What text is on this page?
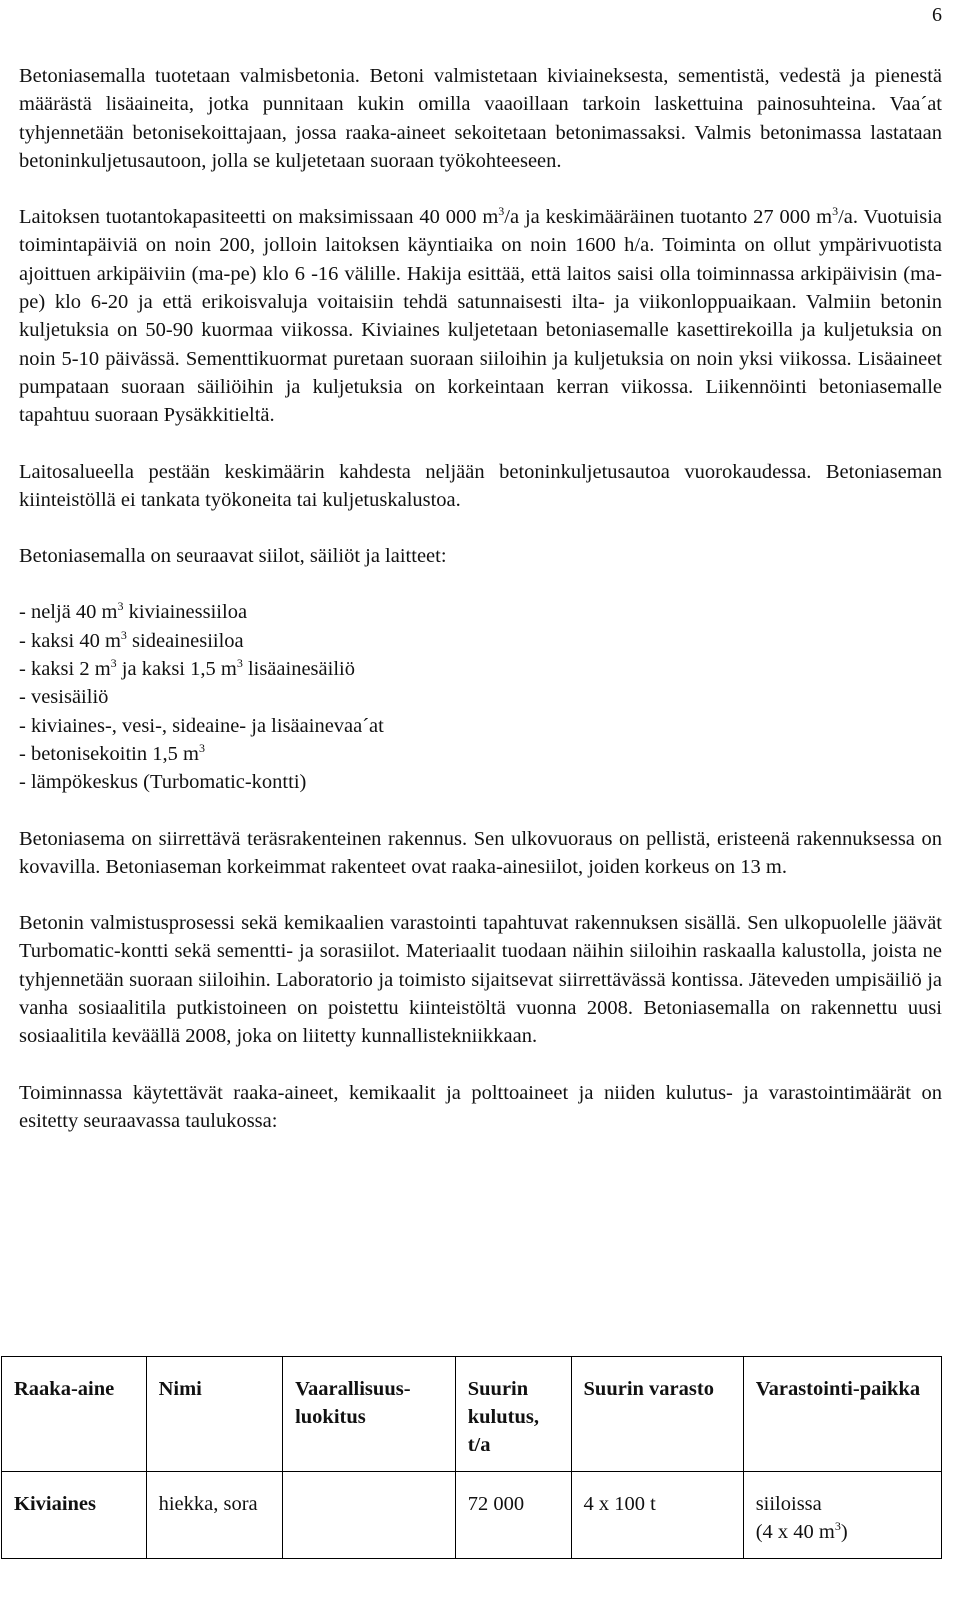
6

Betoniasemalla tuotetaan valmisbetonia. Betoni valmistetaan kiviaineksesta, sementistä, vedestä ja pienestä määrästä lisäaineita, jotka punnitaan kukin omilla vaaoillaan tarkoin laskettuina painosuhteina. Vaa´at tyhjennetään betonisekoittajaan, jossa raaka-aineet sekoitetaan betonimassaksi. Valmis betonimassa lastataan betoninkuljetusautoon, jolla se kuljetetaan suoraan työkohteeseen.

Laitoksen tuotantokapasiteetti on maksimissaan 40 000 $m^3/a$ ja keskimääräinen tuotanto 27 000 $m^3/a$. Vuotuisia toimintapäiviä on noin 200, jolloin laitoksen käyntiaika on noin 1600 h/a. Toiminta on ollut ympärivuotista ajoittuen arkipäiviin (ma-pe) klo 6 -16 välille. Hakija esittää, että laitos saisi olla toiminnassa arkipäivisin (ma-pe) klo 6-20 ja että erikoisvaluja voitaisiin tehdä satunnaisesti ilta- ja viikonloppuaikaan. Valmiin betonin kuljetuksia on 50-90 kuormaa viikossa. Kiviaines kuljetetaan betoniasemalle kasettirekoilla ja kuljetuksia on noin 5-10 päivässä. Sementtikuormat puretaan suoraan siiloihin ja kuljetuksia on noin yksi viikossa. Lisäaineet pumpataan suoraan säiliöihin ja kuljetuksia on korkeintaan kerran viikossa. Liikennöinti betoniasemalle tapahtuu suoraan Pysäkkitieltä.

Laitosalueella pestään keskimäärin kahdesta neljään betoninkuljetusautoa vuorokaudessa. Betoniaseman kiinteistöllä ei tankata työkoneita tai kuljetuskalustoa.

Betoniasemalla on seuraavat siilot, säiliöt ja laitteet:

- neljä 40 $m^3$ kiviainessiiloa
- kaksi 40 $m^3$ sideainesiiloa
- kaksi 2 $m^3$ ja kaksi 1,5 $m^3$ lisäainesäiliö
- vesisäiliö
- kiviaines-, vesi-, sideaine- ja lisäainevaa´at
- betonisekoitin 1,5 $m^3$
- lämpökeskus (Turbomatic-kontti)

Betoniasema on siirrettävä teräsrakenteinen rakennus. Sen ulkovuoraus on pellistä, eristeenä rakennuksessa on kovavilla. Betoniaseman korkeimmat rakenteet ovat raaka-ainesiilot, joiden korkeus on 13 m.

Betonin valmistusprosessi sekä kemikaalien varastointi tapahtuvat rakennuksen sisällä. Sen ulkopuolelle jäävät Turbomatic-kontti sekä sementti- ja sorasiilot. Materiaalit tuodaan näihin siiloihin raskaalla kalustolla, joista ne tyhjennetään suoraan siiloihin. Laboratorio ja toimisto sijaitsevat siirrettävässä kontissa. Jäteveden umpisäiliö ja vanha sosiaalitila putkistoineen on poistettu kiinteistöltä vuonna 2008. Betoniasemalla on rakennettu uusi sosiaalitila keväällä 2008, joka on liitetty kunnallistekniikkaan.

Toiminnassa käytettävät raaka-aineet, kemikaalit ja polttoaineet ja niiden kulutus- ja varastointimäärät on esitetty seuraavassa taulukossa:

Raaka-aine	Nimi	Vaarallisuus-luokitus	Suurin kulutus, t/a	Suurin varasto	Varastointi-paikka
Kiviaines	hiekka, sora		72 000	4 x 100 t	siiloissa
(4 x 40 $m^3$)
